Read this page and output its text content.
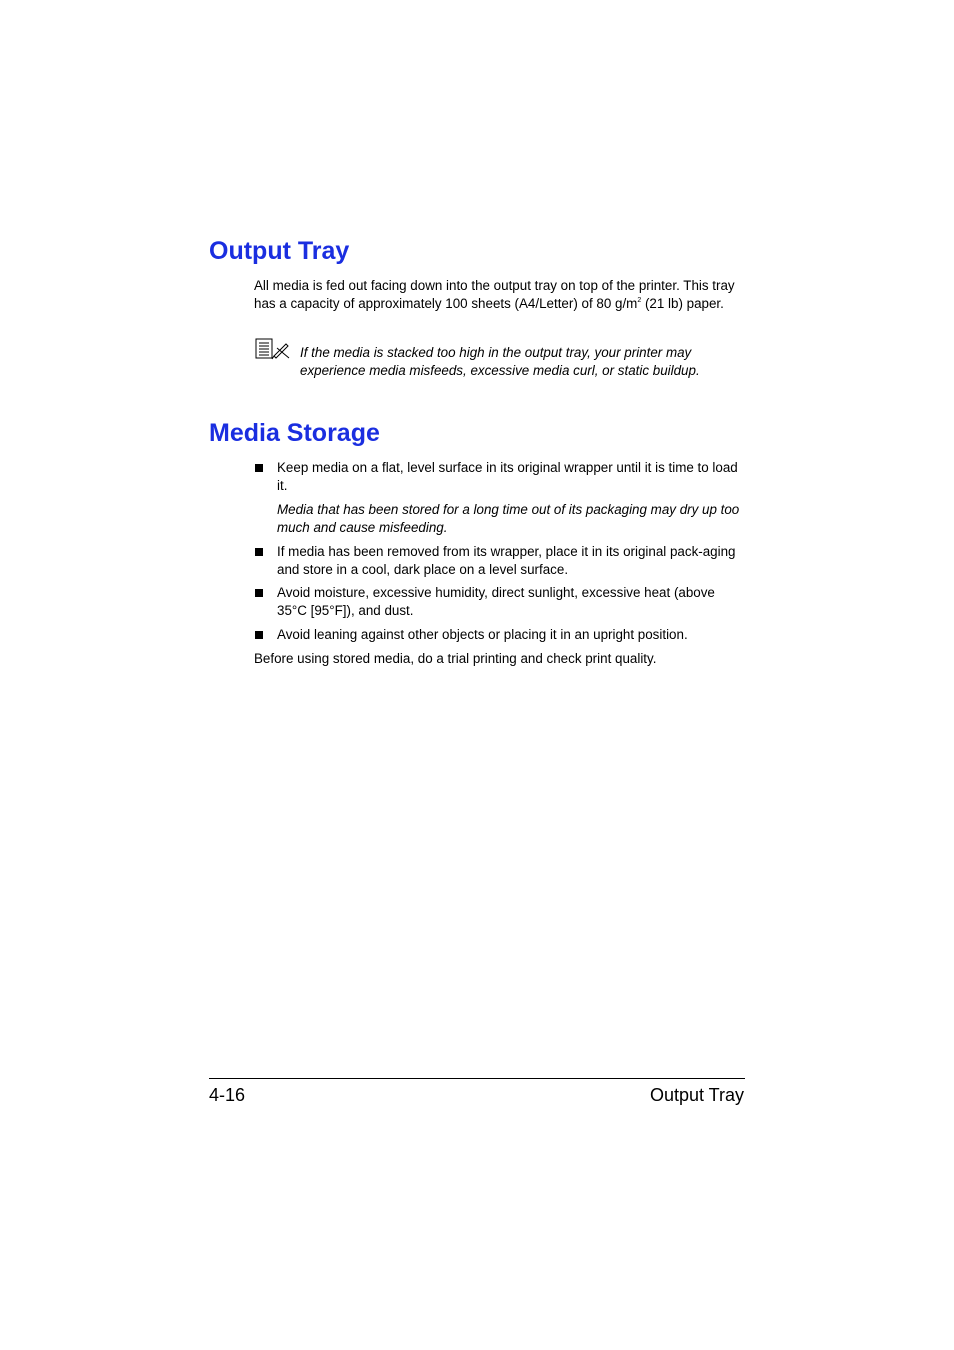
Output Tray

All media is fed out facing down into the output tray on top of the printer. This tray has a capacity of approximately 100 sheets (A4/Letter) of 80 $g/m^2$ (21 lb) paper.

If the media is stacked too high in the output tray, your printer may experience media misfeeds, excessive media curl, or static buildup.

Media Storage

Keep media on a flat, level surface in its original wrapper until it is time to load it.

Media that has been stored for a long time out of its packaging may dry up too much and cause misfeeding.

If media has been removed from its wrapper, place it in its original pack-aging and store in a cool, dark place on a level surface.

Avoid moisture, excessive humidity, direct sunlight, excessive heat (above 35°C [95°F]), and dust.

Avoid leaning against other objects or placing it in an upright position.

Before using stored media, do a trial printing and check print quality.

4-16	Output Tray
